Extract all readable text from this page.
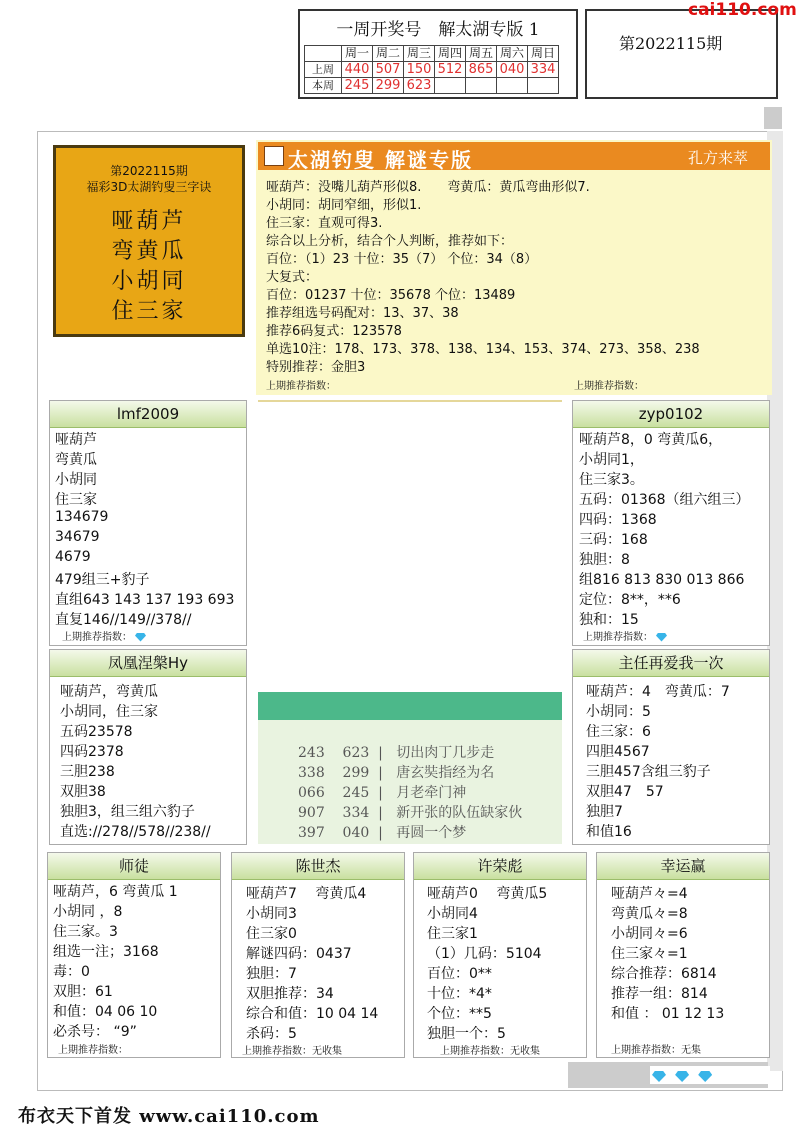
一周开奖号　解太湖专版 1
	周一	周二	周三	周四	周五	周六	周日
上周	440	507	150	512	865	040	334
本周	245	299	623				
第2022115期
cai110.com
第2022115期
福彩3D太湖钓叟三字诀
哑葫芦
弯黄瓜
小胡同
住三家
太湖钓叟 解谜专版	孔方来萃
哑葫芦：没嘴儿葫芦形似8.　　弯黄瓜：黄瓜弯曲形似7.
小胡同：胡同窄细，形似1.
住三家：直观可得3.
综合以上分析，结合个人判断，推荐如下：
百位：（1）23 十位：35（7） 个位：34（8）
大复式：
百位：01237 十位：35678 个位：13489
推荐组选号码配对：13、37、38
推荐6码复式：123578
单选10注：178、173、378、138、134、153、374、273、358、238
特别推荐：金胆3
上期推荐指数：	上期推荐指数：
lmf2009
哑葫芦
弯黄瓜
小胡同
住三家
134679
34679
4679
479组三+豹子
直组643 143 137 193 693
直复146//149//378//
上期推荐指数：
zyp0102
哑葫芦8，0 弯黄瓜6，
小胡同1，
住三家3。
五码：01368（组六组三）
四码：1368
三码：168
独胆：8
组816 813 830 013 866
定位：8**，**6
独和：15
上期推荐指数：
凤凰涅槃Hy
哑葫芦，弯黄瓜
小胡同，住三家
五码23578
四码2378
三胆238
双胆38
独胆3，组三组六豹子
直选://278//578//238//
主任再爱我一次
哑葫芦：4　弯黄瓜：7
小胡同：5
住三家：6
四胆4567
三胆457含组三豹子
双胆47　57
独胆7
和值16
243 623  |   切出肉丁几步走
338 299  |   唐玄奘指经为名
066 245  |   月老牵门神
907 334  |   新开张的队伍缺家伙
397 040  |   再圆一个梦
师徒
哑葫芦，6 弯黄瓜 1
小胡同 ，8
住三家。3
组选一注；3168
毒：0
双胆：61
和值：04 06 10
必杀号： “9”
上期推荐指数：
陈世杰
哑葫芦7　 弯黄瓜4
小胡同3
住三家0
解谜四码：0437
独胆：7
双胆推荐：34
综合和值：10 04 14
杀码：5
上期推荐指数：无收集
许荣彪
哑葫芦0　 弯黄瓜5
小胡同4
住三家1
（1）几码：5104
百位：0**
十位：*4*
个位：**5
独胆一个：5
上期推荐指数：无收集
幸运赢
哑葫芦々=4
弯黄瓜々=8
小胡同々=6
住三家々=1
综合推荐：6814
推荐一组：814
和值 ： 01 12 13
上期推荐指数：无集

布衣天下首发 www.cai110.com
